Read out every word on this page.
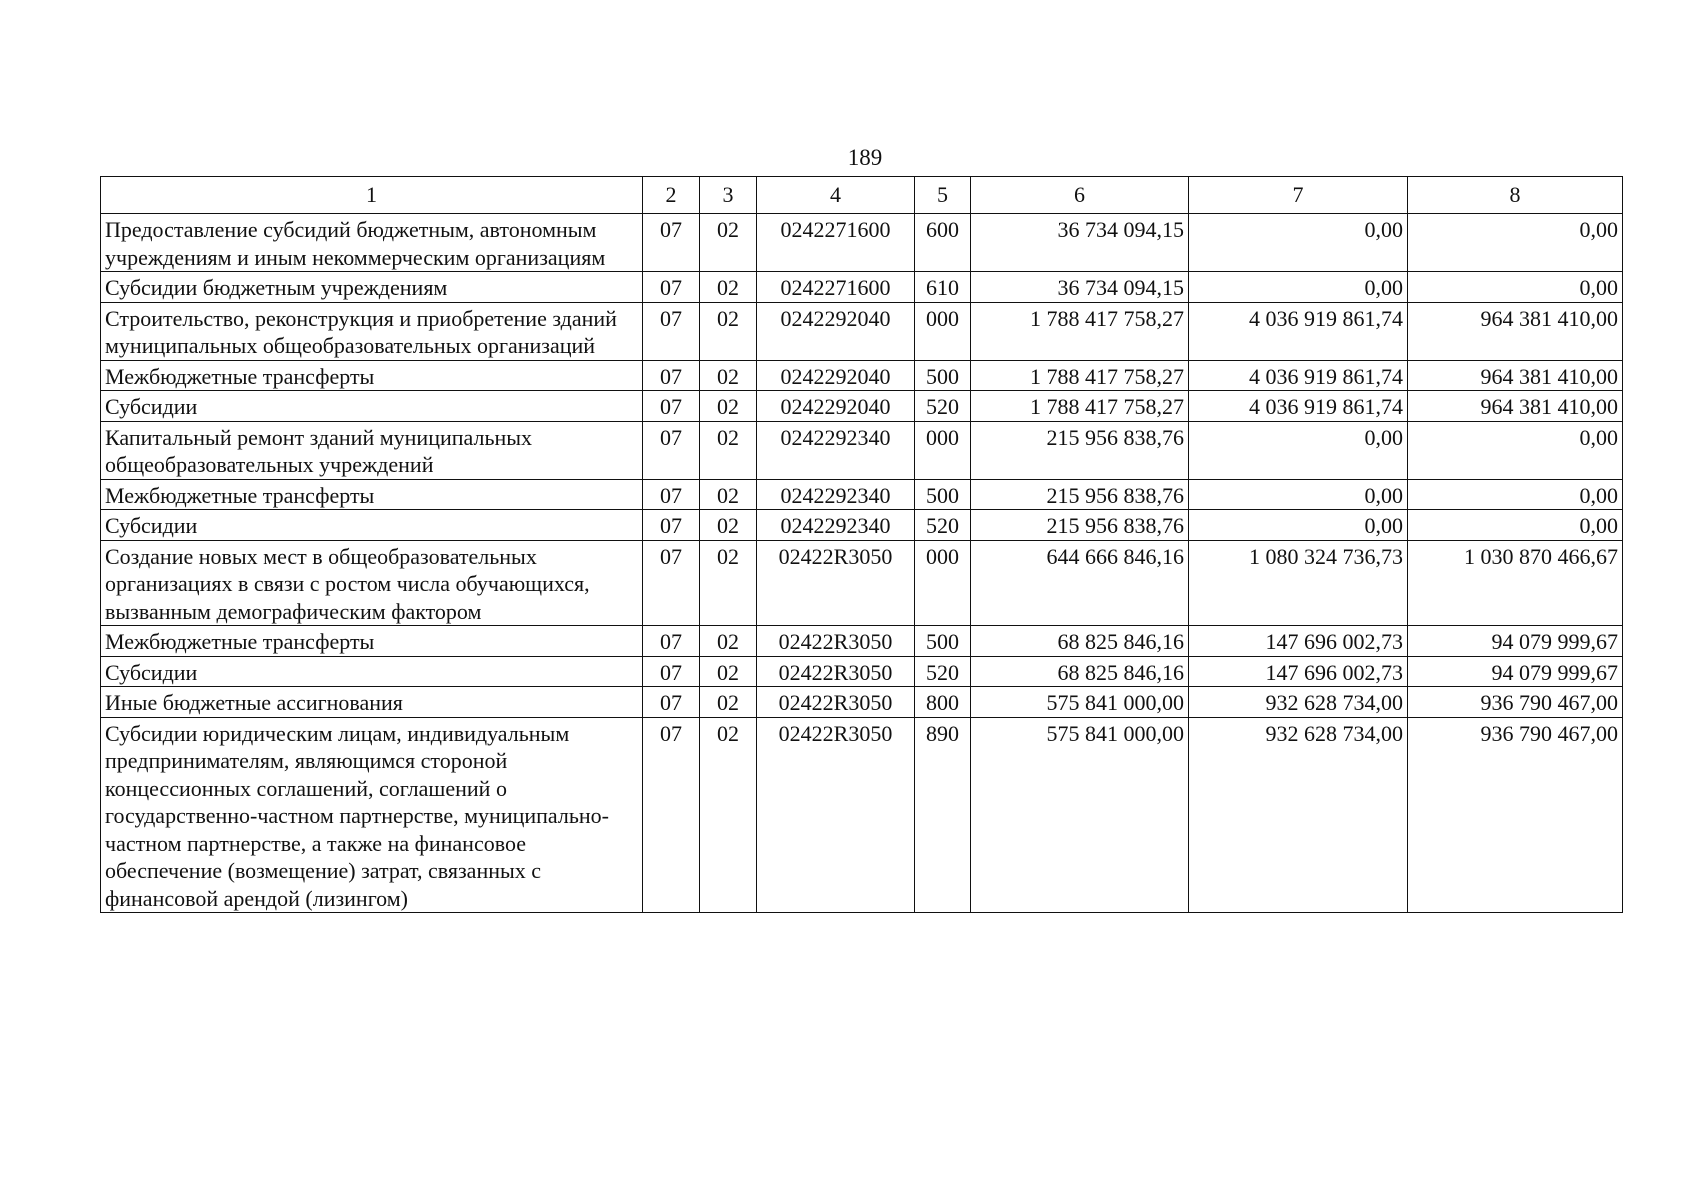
189
1	2	3	4	5	6	7	8
Предоставление субсидий бюджетным, автономным учреждениям и иным некоммерческим организациям	07	02	0242271600	600	36 734 094,15	0,00	0,00
Субсидии бюджетным учреждениям	07	02	0242271600	610	36 734 094,15	0,00	0,00
Строительство, реконструкция и приобретение зданий муниципальных общеобразовательных организаций	07	02	0242292040	000	1 788 417 758,27	4 036 919 861,74	964 381 410,00
Межбюджетные трансферты	07	02	0242292040	500	1 788 417 758,27	4 036 919 861,74	964 381 410,00
Субсидии	07	02	0242292040	520	1 788 417 758,27	4 036 919 861,74	964 381 410,00
Капитальный ремонт зданий муниципальных общеобразовательных учреждений	07	02	0242292340	000	215 956 838,76	0,00	0,00
Межбюджетные трансферты	07	02	0242292340	500	215 956 838,76	0,00	0,00
Субсидии	07	02	0242292340	520	215 956 838,76	0,00	0,00
Создание новых мест в общеобразовательных организациях в связи с ростом числа обучающихся, вызванным демографическим фактором	07	02	02422R3050	000	644 666 846,16	1 080 324 736,73	1 030 870 466,67
Межбюджетные трансферты	07	02	02422R3050	500	68 825 846,16	147 696 002,73	94 079 999,67
Субсидии	07	02	02422R3050	520	68 825 846,16	147 696 002,73	94 079 999,67
Иные бюджетные ассигнования	07	02	02422R3050	800	575 841 000,00	932 628 734,00	936 790 467,00
Субсидии юридическим лицам, индивидуальным предпринимателям, являющимся стороной концессионных соглашений, соглашений о государственно-частном партнерстве, муниципально-частном партнерстве, а также на финансовое обеспечение (возмещение) затрат, связанных с финансовой арендой (лизингом)	07	02	02422R3050	890	575 841 000,00	932 628 734,00	936 790 467,00
